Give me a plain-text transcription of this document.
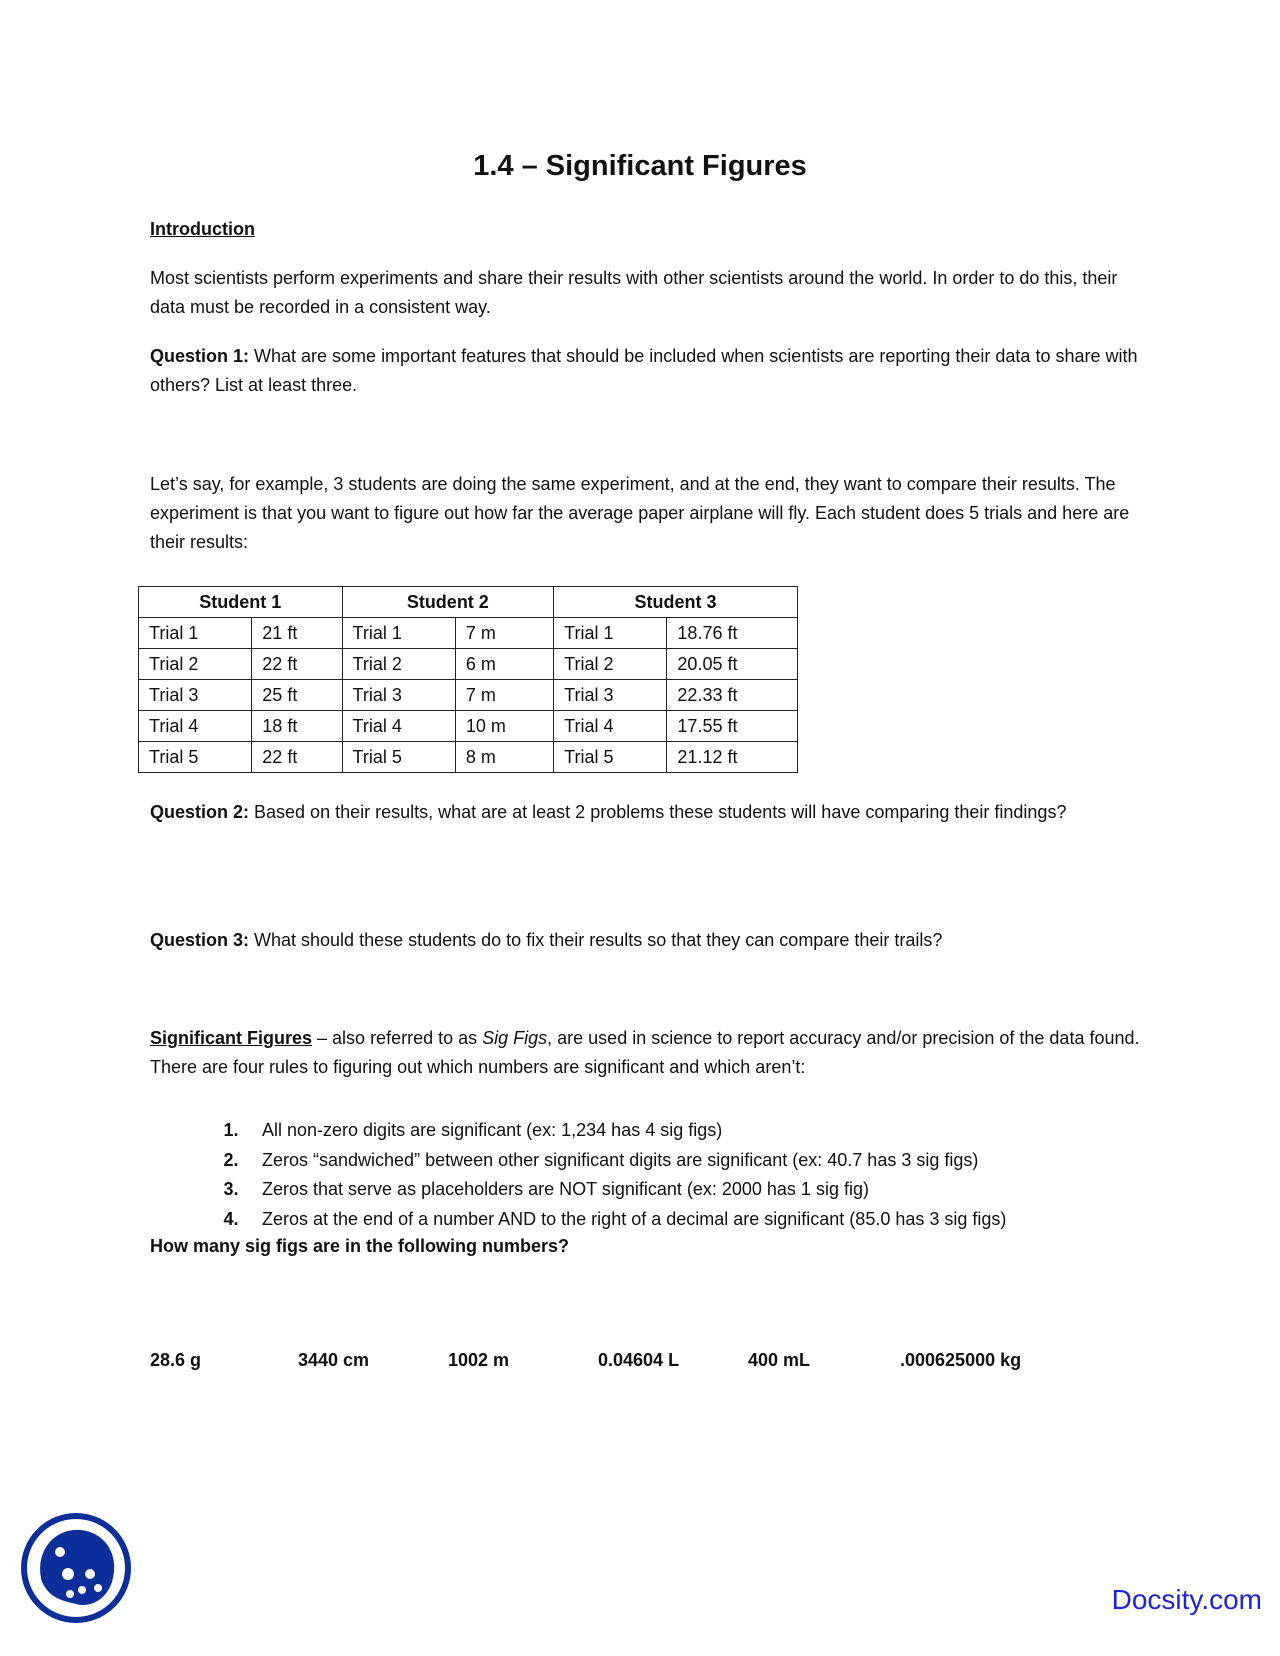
1.4 – Significant Figures

Introduction

Most scientists perform experiments and share their results with other scientists around the world. In order to do this, their data must be recorded in a consistent way.

Question 1: What are some important features that should be included when scientists are reporting their data to share with others? List at least three.

Let’s say, for example, 3 students are doing the same experiment, and at the end, they want to compare their results. The experiment is that you want to figure out how far the average paper airplane will fly. Each student does 5 trials and here are their results:

Student 1		Student 2		Student 3	
Trial 1	21 ft	Trial 1	7 m	Trial 1	18.76 ft
Trial 2	22 ft	Trial 2	6 m	Trial 2	20.05 ft
Trial 3	25 ft	Trial 3	7 m	Trial 3	22.33 ft
Trial 4	18 ft	Trial 4	10 m	Trial 4	17.55 ft
Trial 5	22 ft	Trial 5	8 m	Trial 5	21.12 ft

Question 2: Based on their results, what are at least 2 problems these students will have comparing their findings?

Question 3: What should these students do to fix their results so that they can compare their trails?

Significant Figures – also referred to as Sig Figs, are used in science to report accuracy and/or precision of the data found. There are four rules to figuring out which numbers are significant and which aren’t:

1.	All non-zero digits are significant (ex: 1,234 has 4 sig figs)
2.	Zeros “sandwiched” between other significant digits are significant (ex: 40.7 has 3 sig figs)
3.	Zeros that serve as placeholders are NOT significant (ex: 2000 has 1 sig fig)
4.	Zeros at the end of a number AND to the right of a decimal are significant (85.0 has 3 sig figs)

How many sig figs are in the following numbers?

28.6 g	3440 cm	1002 m	0.04604 L	400 mL	.000625000 kg
Docsity.com
